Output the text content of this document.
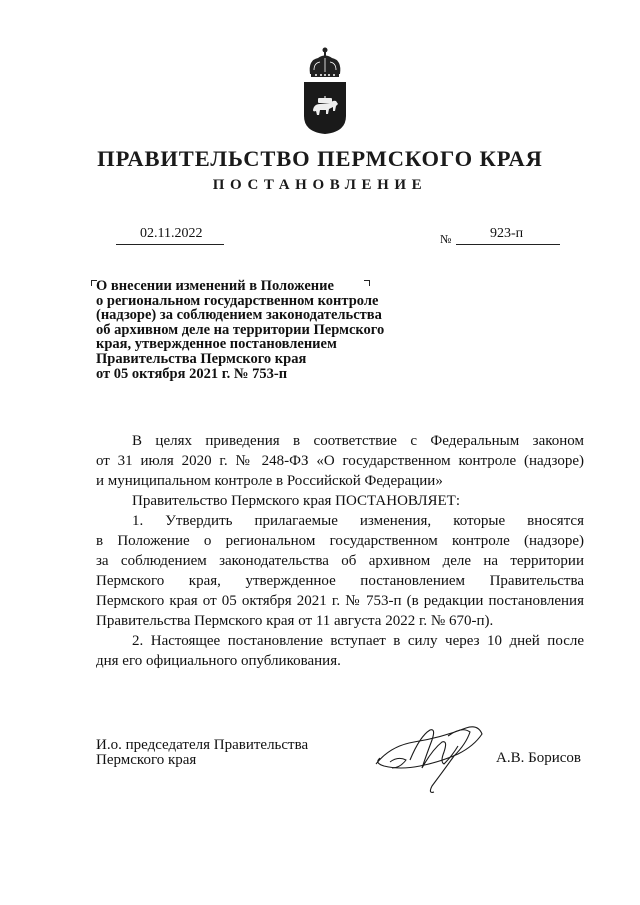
ПРАВИТЕЛЬСТВО ПЕРМСКОГО КРАЯ
ПОСТАНОВЛЕНИЕ
02.11.2022	№	923-п
О внесении изменений в Положение
о региональном государственном контроле
(надзоре) за соблюдением законодательства
об архивном деле на территории Пермского
края, утвержденное постановлением
Правительства Пермского края
от 05 октября 2021 г. № 753-п
В целях приведения в соответствие с Федеральным законом
от 31 июля 2020 г. № 248-ФЗ «О государственном контроле (надзоре)
и муниципальном контроле в Российской Федерации»
Правительство Пермского края ПОСТАНОВЛЯЕТ:
1. Утвердить прилагаемые изменения, которые вносятся
в Положение о региональном государственном контроле (надзоре)
за соблюдением законодательства об архивном деле на территории
Пермского края, утвержденное постановлением Правительства
Пермского края от 05 октября 2021 г. № 753-п (в редакции постановления
Правительства Пермского края от 11 августа 2022 г. № 670-п).
2. Настоящее постановление вступает в силу через 10 дней после
дня его официального опубликования.
И.о. председателя Правительства
Пермского края	А.В. Борисов
